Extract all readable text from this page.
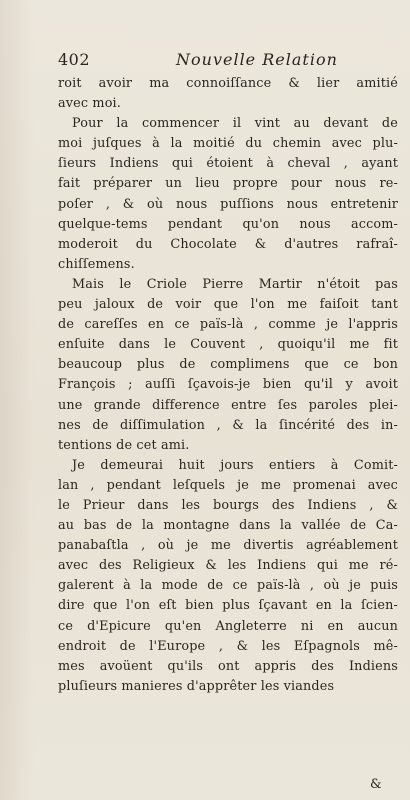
402	Nouvelle Relation
roit avoir ma connoiſſance & lier amitié
avec moi.
Pour la commencer il vint au devant de
moi juſques à la moitié du chemin avec plu-
ſieurs Indiens qui étoient à cheval , ayant
fait préparer un lieu propre pour nous re-
poſer , & où nous puſſions nous entretenir
quelque-tems pendant qu'on nous accom-
moderoit du Chocolate & d'autres rafraî-
chiſſemens.
Mais le Criole Pierre Martir n'étoit pas
peu jaloux de voir que l'on me faiſoit tant
de careſſes en ce païs-là , comme je l'appris
enſuite dans le Couvent , quoiqu'il me fit
beaucoup plus de complimens que ce bon
François ; auſſi ſçavois-je bien qu'il y avoit
une grande difference entre ſes paroles plei-
nes de diſſimulation , & la ſincérité des in-
tentions de cet ami.
Je demeurai huit jours entiers à Comit-
lan , pendant leſquels je me promenai avec
le Prieur dans les bourgs des Indiens , &
au bas de la montagne dans la vallée de Ca-
panabaſtla , où je me divertis agréablement
avec des Religieux & les Indiens qui me ré-
galerent à la mode de ce païs-là , où je puis
dire que l'on eſt bien plus ſçavant en la ſcien-
ce d'Epicure qu'en Angleterre ni en aucun
endroit de l'Europe , & les Eſpagnols mê-
mes avoüent qu'ils ont appris des Indiens
pluſieurs manieres d'apprêter les viandes
&
